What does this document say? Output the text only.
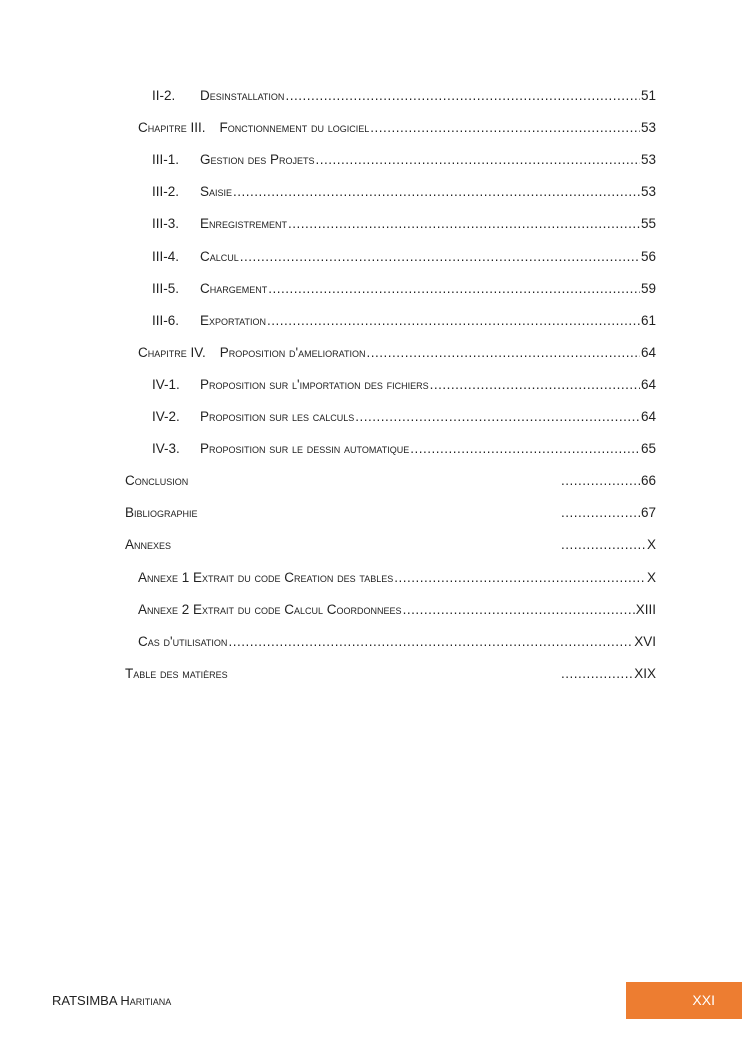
II-2.	Desinstallation .....	51
Chapitre III. Fonctionnement du logiciel .....	53
III-1.	Gestion des Projets .....	53
III-2.	Saisie .....	53
III-3.	Enregistrement .....	55
III-4.	Calcul .....	56
III-5.	Chargement .....	59
III-6.	Exportation .....	61
Chapitre IV. Proposition d'amelioration .....	64
IV-1.	Proposition sur l'importation des fichiers .....	64
IV-2.	Proposition sur les calculs .....	64
IV-3.	Proposition sur le dessin automatique .....	65
Conclusion .....	66
Bibliographie .....	67
Annexes .....	X
Annexe 1 Extrait du code Creation des tables .....	X
Annexe 2 Extrait du code Calcul Coordonnees .....	XIII
Cas d'utilisation .....	XVI
Table des matières .....	XIX
RATSIMBA Haritiana	XXI
